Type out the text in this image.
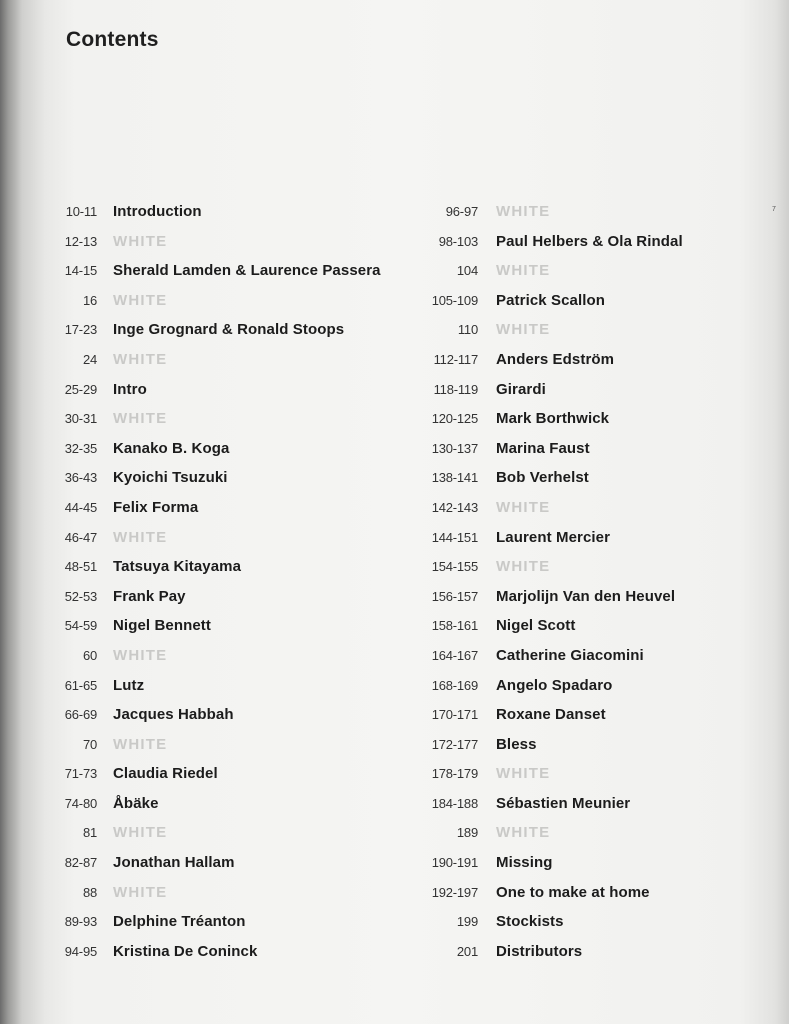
Contents
7
10-11 Introduction
12-13 WHITE
14-15 Sherald Lamden & Laurence Passera
16 WHITE
17-23 Inge Grognard & Ronald Stoops
24 WHITE
25-29 Intro
30-31 WHITE
32-35 Kanako B. Koga
36-43 Kyoichi Tsuzuki
44-45 Felix Forma
46-47 WHITE
48-51 Tatsuya Kitayama
52-53 Frank Pay
54-59 Nigel Bennett
60 WHITE
61-65 Lutz
66-69 Jacques Habbah
70 WHITE
71-73 Claudia Riedel
74-80 Åbäke
81 WHITE
82-87 Jonathan Hallam
88 WHITE
89-93 Delphine Tréanton
94-95 Kristina De Coninck
96-97 WHITE
98-103 Paul Helbers & Ola Rindal
104 WHITE
105-109 Patrick Scallon
110 WHITE
112-117 Anders Edström
118-119 Girardi
120-125 Mark Borthwick
130-137 Marina Faust
138-141 Bob Verhelst
142-143 WHITE
144-151 Laurent Mercier
154-155 WHITE
156-157 Marjolijn Van den Heuvel
158-161 Nigel Scott
164-167 Catherine Giacomini
168-169 Angelo Spadaro
170-171 Roxane Danset
172-177 Bless
178-179 WHITE
184-188 Sébastien Meunier
189 WHITE
190-191 Missing
192-197 One to make at home
199 Stockists
201 Distributors
